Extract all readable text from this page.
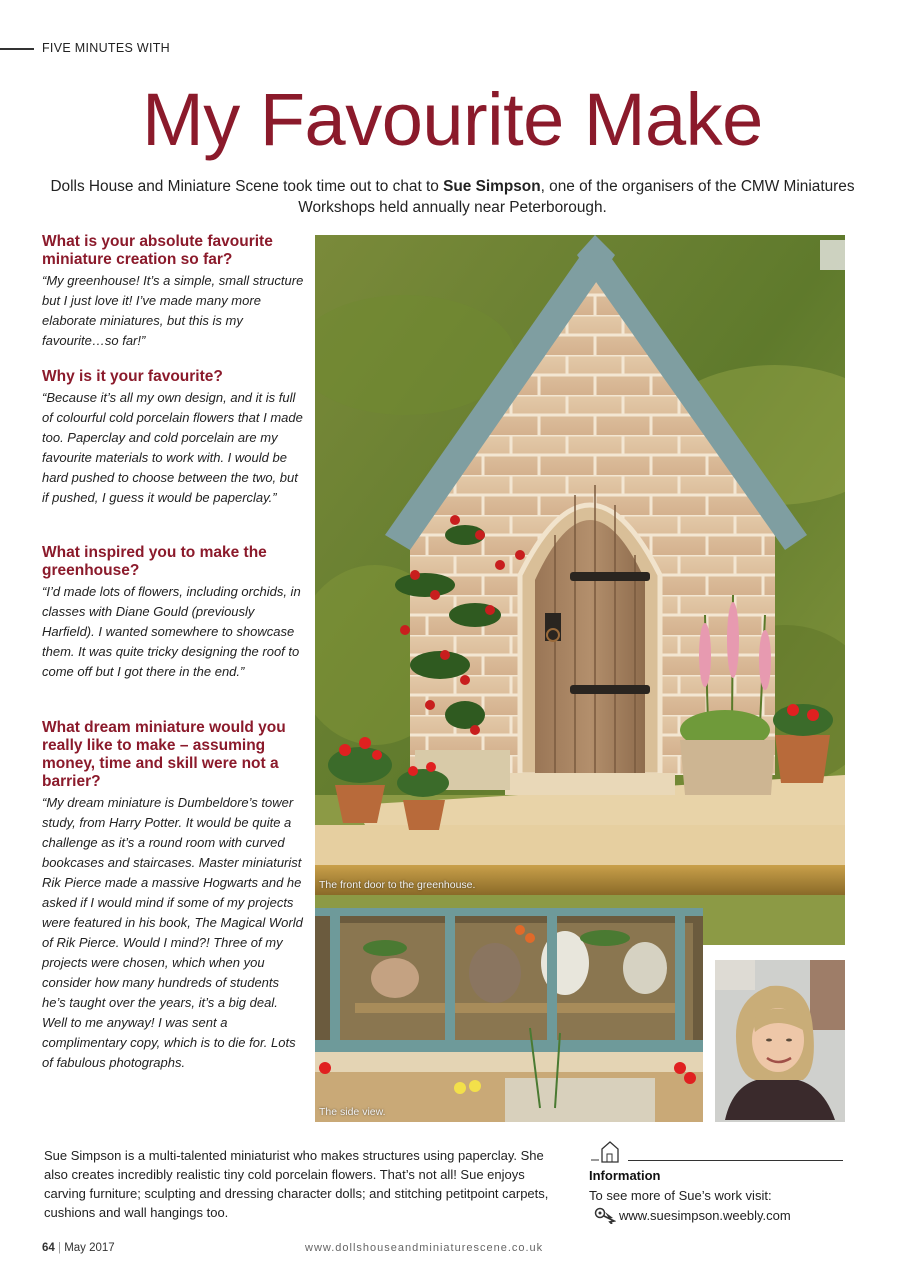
FIVE MINUTES WITH
My Favourite Make
Dolls House and Miniature Scene took time out to chat to Sue Simpson, one of the organisers of the CMW Miniatures Workshops held annually near Peterborough.

What is your absolute favourite miniature creation so far?

“My greenhouse! It’s a simple, small structure but I just love it! I’ve made many more elaborate miniatures, but this is my favourite…so far!”

Why is it your favourite?

“Because it’s all my own design, and it is full of colourful cold porcelain flowers that I made too. Paperclay and cold porcelain are my favourite materials to work with. I would be hard pushed to choose between the two, but if pushed, I guess it would be paperclay.”

What inspired you to make the greenhouse?

“I’d made lots of flowers, including orchids, in classes with Diane Gould (previously Harfield). I wanted somewhere to showcase them. It was quite tricky designing the roof to come off but I got there in the end.”

What dream miniature would you really like to make – assuming money, time and skill were not a barrier?

“My dream miniature is Dumbeldore’s tower study, from Harry Potter. It would be quite a challenge as it’s a round room with curved bookcases and staircases. Master miniaturist Rik Pierce made a massive Hogwarts and he asked if I would mind if some of my projects were featured in his book, The Magical World of Rik Pierce. Would I mind?! Three of my projects were chosen, which when you consider how many hundreds of students he’s taught over the years, it’s a big deal. Well to me anyway! I was sent a complimentary copy, which is to die for. Lots of fabulous photographs.

The front door to the greenhouse.
The side view.
Sue Simpson is a multi-talented miniaturist who makes structures using paperclay. She also creates incredibly realistic tiny cold porcelain flowers. That’s not all! Sue enjoys carving furniture; sculpting and dressing character dolls; and stitching petitpoint carpets, cushions and wall hangings too.
Information
To see more of Sue’s work visit:
www.suesimpson.weebly.com
64 | May 2017	www.dollshouseandminiaturescene.co.uk
